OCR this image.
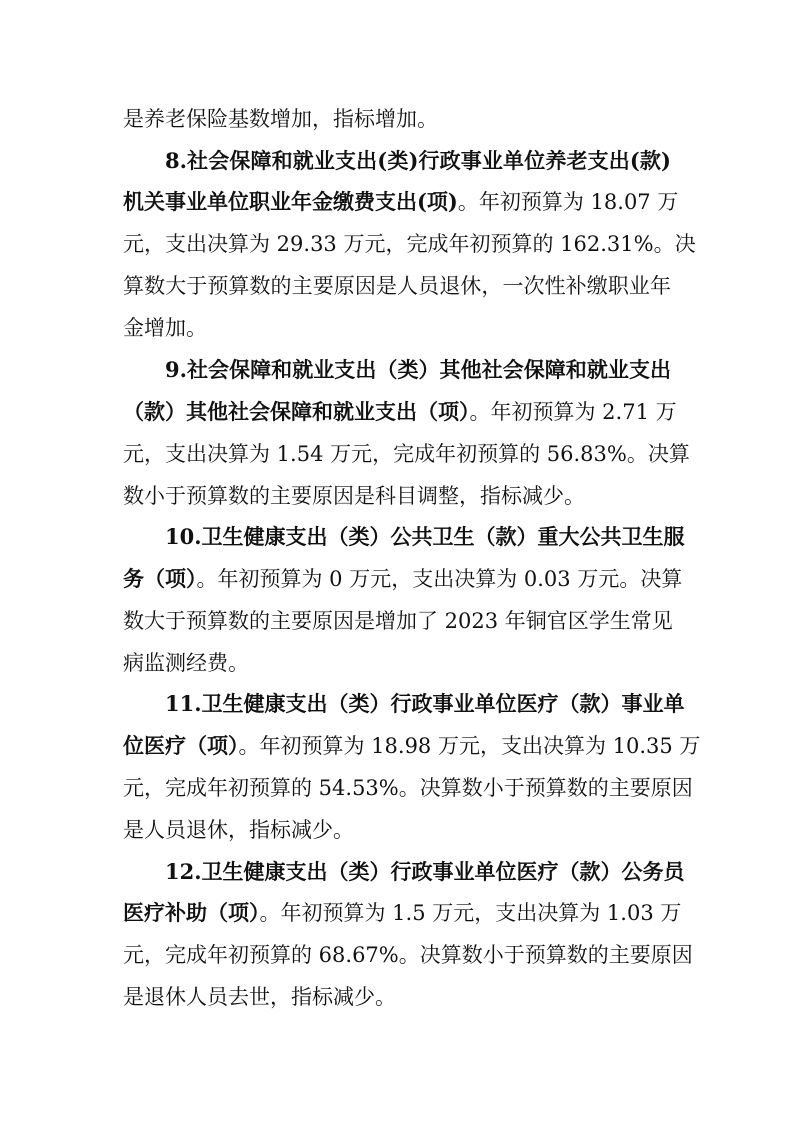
是养老保险基数增加，指标增加。
8.社会保障和就业支出(类)行政事业单位养老支出(款)
机关事业单位职业年金缴费支出(项)。年初预算为 18.07 万
元，支出决算为 29.33 万元，完成年初预算的 162.31%。决
算数大于预算数的主要原因是人员退休，一次性补缴职业年
金增加。
9.社会保障和就业支出（类）其他社会保障和就业支出
（款）其他社会保障和就业支出（项）。年初预算为 2.71 万
元，支出决算为 1.54 万元，完成年初预算的 56.83%。决算
数小于预算数的主要原因是科目调整，指标减少。
10.卫生健康支出（类）公共卫生（款）重大公共卫生服
务（项）。年初预算为 0 万元，支出决算为 0.03 万元。决算
数大于预算数的主要原因是增加了 2023 年铜官区学生常见
病监测经费。
11.卫生健康支出（类）行政事业单位医疗（款）事业单
位医疗（项）。年初预算为 18.98 万元，支出决算为 10.35 万
元，完成年初预算的 54.53%。决算数小于预算数的主要原因
是人员退休，指标减少。
12.卫生健康支出（类）行政事业单位医疗（款）公务员
医疗补助（项）。年初预算为 1.5 万元，支出决算为 1.03 万
元，完成年初预算的 68.67%。决算数小于预算数的主要原因
是退休人员去世，指标减少。
